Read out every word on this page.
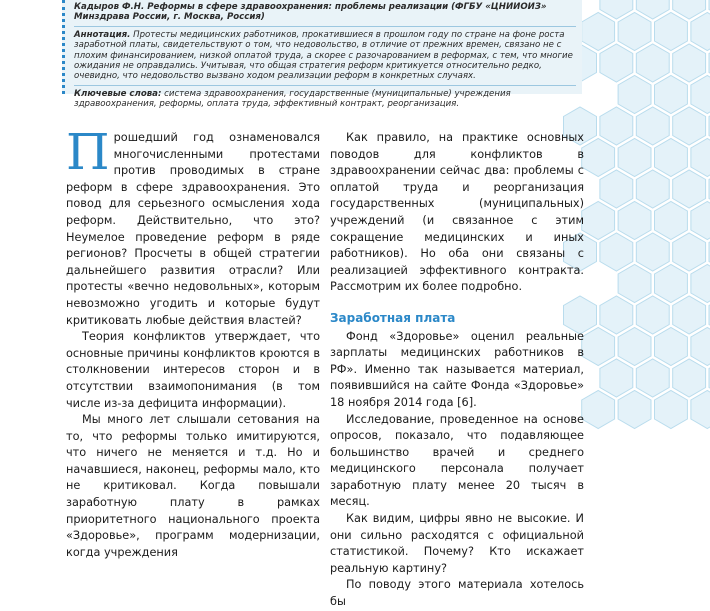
Кадыров Ф.Н. Реформы в сфере здравоохранения: проблемы реализации (ФГБУ «ЦНИИОИЗ» Минздрава России, г. Москва, Россия)

Аннотация. Протесты медицинских работников, прокатившиеся в прошлом году по стране на фоне роста заработной платы, свидетельствуют о том, что недовольство, в отличие от прежних времен, связано не с плохим финансированием, низкой оплатой труда, а скорее с разочарованием в реформах, с тем, что многие ожидания не оправдались. Учитывая, что общая стратегия реформ критикуется относительно редко, очевидно, что недовольство вызвано ходом реализации реформ в конкретных случаях.

Ключевые слова: система здравоохранения, государственные (муниципальные) учреждения здравоохранения, реформы, оплата труда, эффективный контракт, реорганизация.

Прошедший год ознаменовался многочисленными протестами против проводимых в стране реформ в сфере здравоохранения. Это повод для серьезного осмысления хода реформ. Действительно, что это? Неумелое проведение реформ в ряде регионов? Просчеты в общей стратегии дальнейшего развития отрасли? Или протесты «вечно недовольных», которым невозможно угодить и которые будут критиковать любые действия властей?

Теория конфликтов утверждает, что основные причины конфликтов кроются в столкновении интересов сторон и в отсутствии взаимопонимания (в том числе из-за дефицита информации).

Мы много лет слышали сетования на то, что реформы только имитируются, что ничего не меняется и т.д. Но и начавшиеся, наконец, реформы мало, кто не критиковал. Когда повышали заработную плату в рамках приоритетного национального проекта «Здоровье», программ модернизации, когда учреждения

Как правило, на практике основных поводов для конфликтов в здравоохранении сейчас два: проблемы с оплатой труда и реорганизация государственных (муниципальных) учреждений (и связанное с этим сокращение медицинских и иных работников). Но оба они связаны с реализацией эффективного контракта. Рассмотрим их более подробно.

Заработная плата

Фонд «Здоровье» оценил реальные зарплаты медицинских работников в РФ». Именно так называется материал, появившийся на сайте Фонда «Здоровье» 18 ноября 2014 года [6].

Исследование, проведенное на основе опросов, показало, что подавляющее большинство врачей и среднего медицинского персонала получает заработную плату менее 20 тысяч в месяц.

Как видим, цифры явно не высокие. И они сильно расходятся с официальной статистикой. Почему? Кто искажает реальную картину?

По поводу этого материала хотелось бы
